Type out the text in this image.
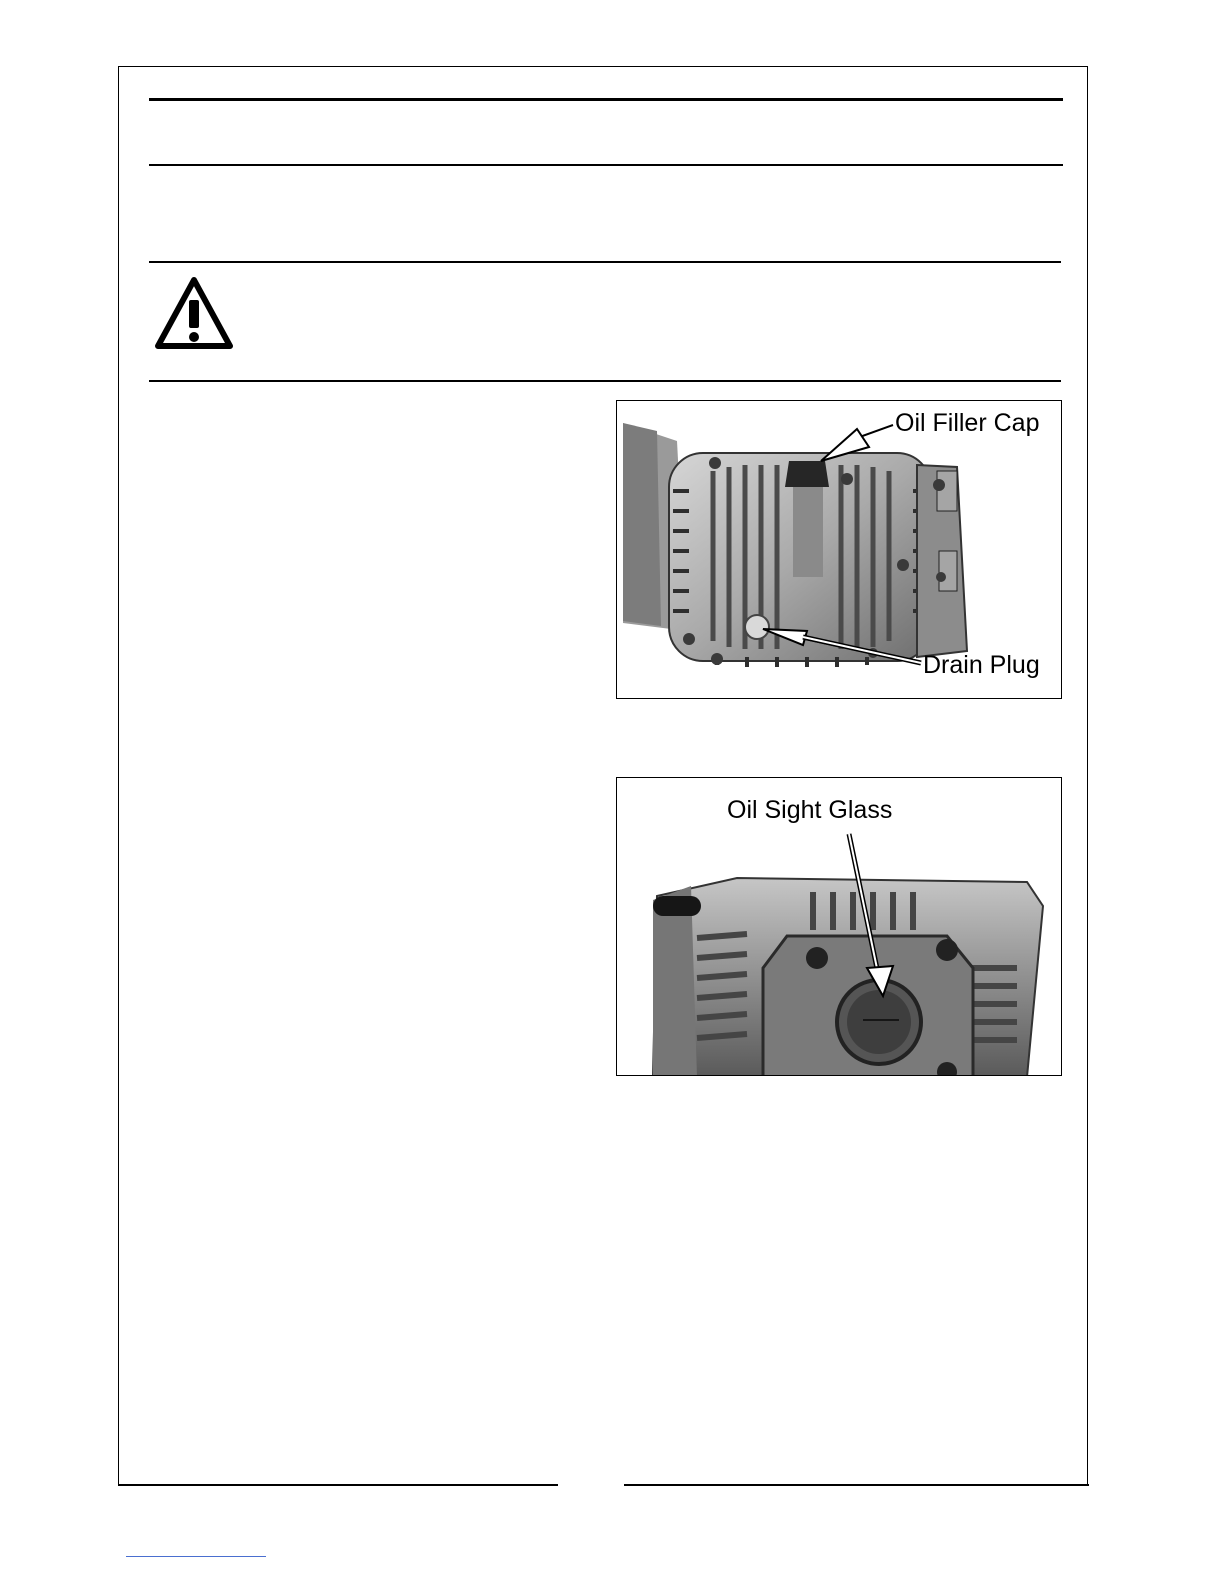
Oil Filler Cap
Drain Plug
Oil Sight Glass
